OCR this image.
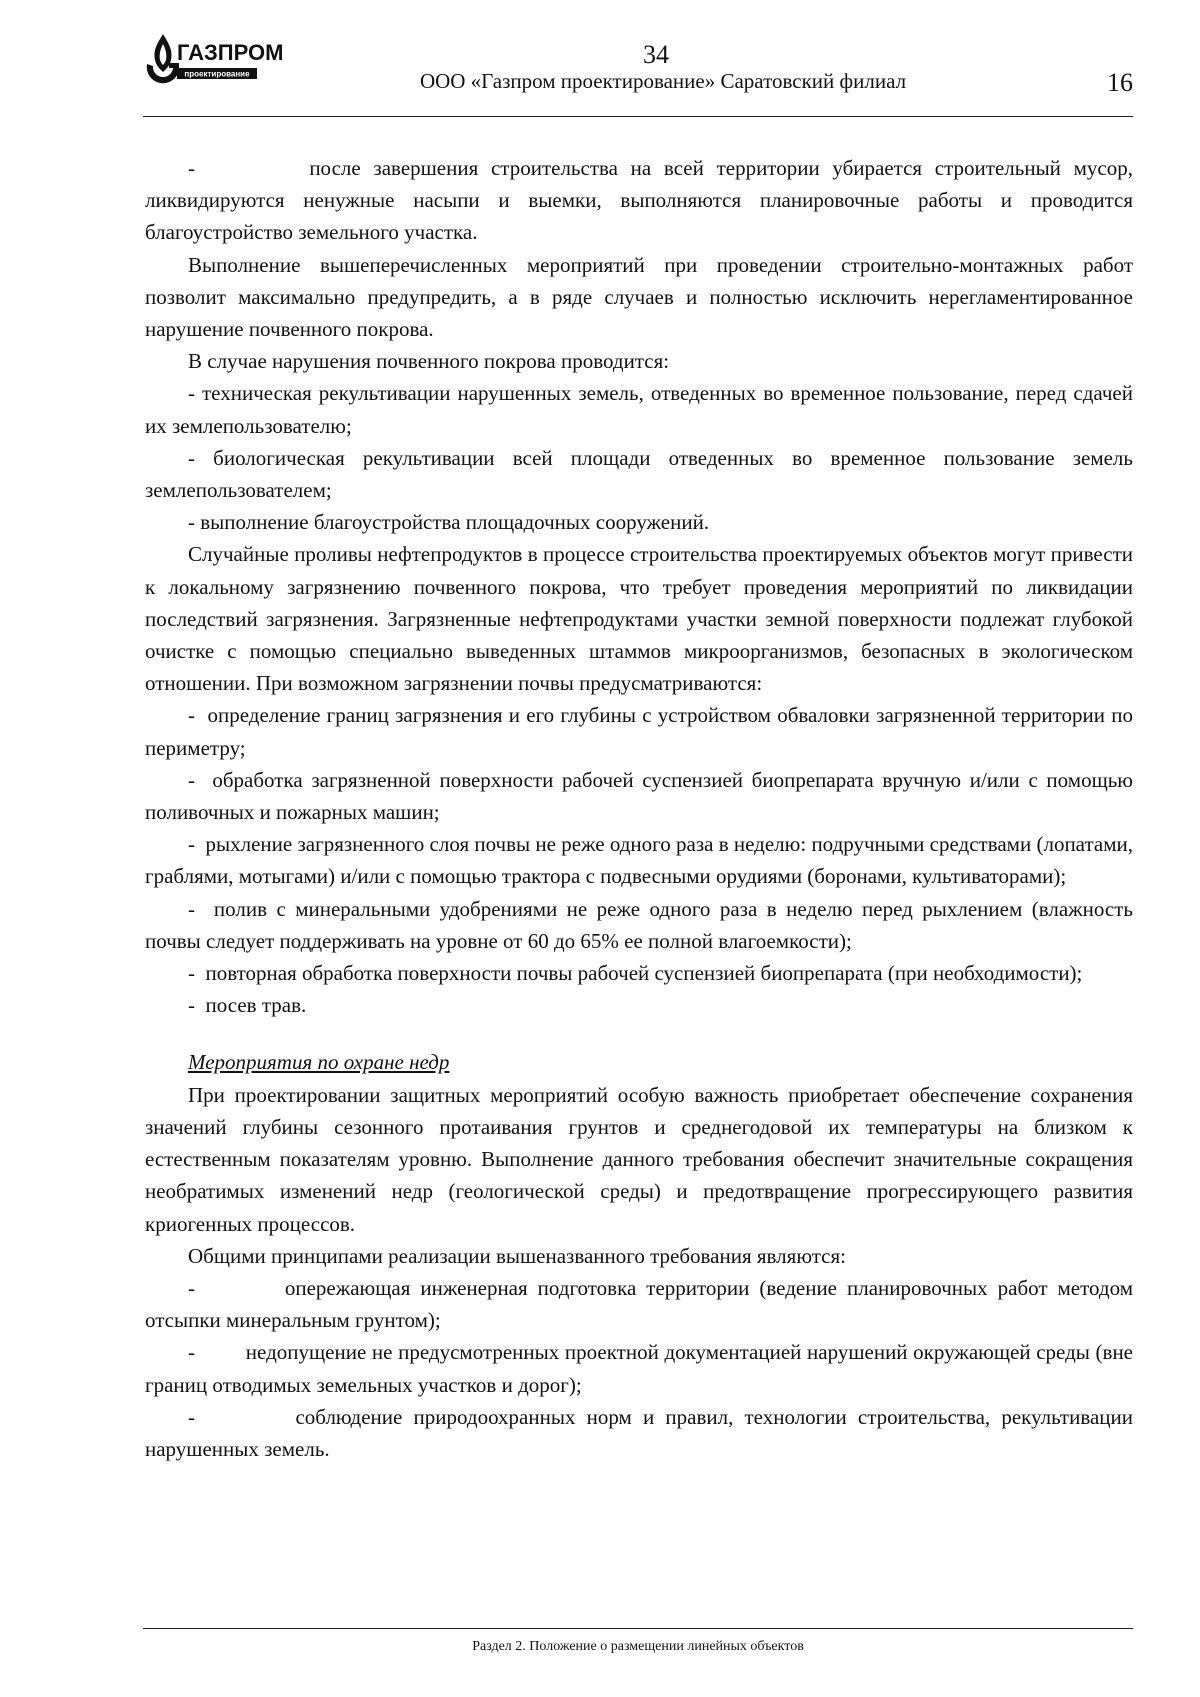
ГАЗПРОМ
проектирование
34
ООО «Газпром проектирование» Саратовский филиал	16

-         после завершения строительства на всей территории убирается строительный мусор, ликвидируются ненужные насыпи и выемки, выполняются планировочные работы и проводится благоустройство земельного участка.

Выполнение вышеперечисленных мероприятий при проведении строительно-монтажных работ позволит максимально предупредить, а в ряде случаев и полностью исключить нерегламентированное нарушение почвенного покрова.

В случае нарушения почвенного покрова проводится:

- техническая рекультивации нарушенных земель, отведенных во временное пользование, перед сдачей их землепользователю;

- биологическая рекультивации всей площади отведенных во временное пользование земель землепользователем;

- выполнение благоустройства площадочных сооружений.

Случайные проливы нефтепродуктов в процессе строительства проектируемых объектов могут привести к локальному загрязнению почвенного покрова, что требует проведения мероприятий по ликвидации последствий загрязнения. Загрязненные нефтепродуктами участки земной поверхности подлежат глубокой очистке с помощью специально выведенных штаммов микроорганизмов, безопасных в экологическом отношении. При возможном загрязнении почвы предусматриваются:

-  определение границ загрязнения и его глубины с устройством обваловки загрязненной территории по периметру;

-  обработка загрязненной поверхности рабочей суспензией биопрепарата вручную и/или с помощью поливочных и пожарных машин;

-  рыхление загрязненного слоя почвы не реже одного раза в неделю: подручными средствами (лопатами, граблями, мотыгами) и/или с помощью трактора с подвесными орудиями (боронами, культиваторами);

-  полив с минеральными удобрениями не реже одного раза в неделю перед рыхлением (влажность почвы следует поддерживать на уровне от 60 до 65% ее полной влагоемкости);

-  повторная обработка поверхности почвы рабочей суспензией биопрепарата (при необходимости);

-  посев трав.

Мероприятия по охране недр

При проектировании защитных мероприятий особую важность приобретает обеспечение сохранения значений глубины сезонного протаивания грунтов и среднегодовой их температуры на близком к естественным показателям уровню. Выполнение данного требования обеспечит значительные сокращения необратимых изменений недр (геологической среды) и предотвращение прогрессирующего развития криогенных процессов.

Общими принципами реализации вышеназванного требования являются:

-         опережающая инженерная подготовка территории (ведение планировочных работ методом отсыпки минеральным грунтом);

-         недопущение не предусмотренных проектной документацией нарушений окружающей среды (вне границ отводимых земельных участков и дорог);

-         соблюдение природоохранных норм и правил, технологии строительства, рекультивации нарушенных земель.

Раздел 2. Положение о размещении линейных объектов
